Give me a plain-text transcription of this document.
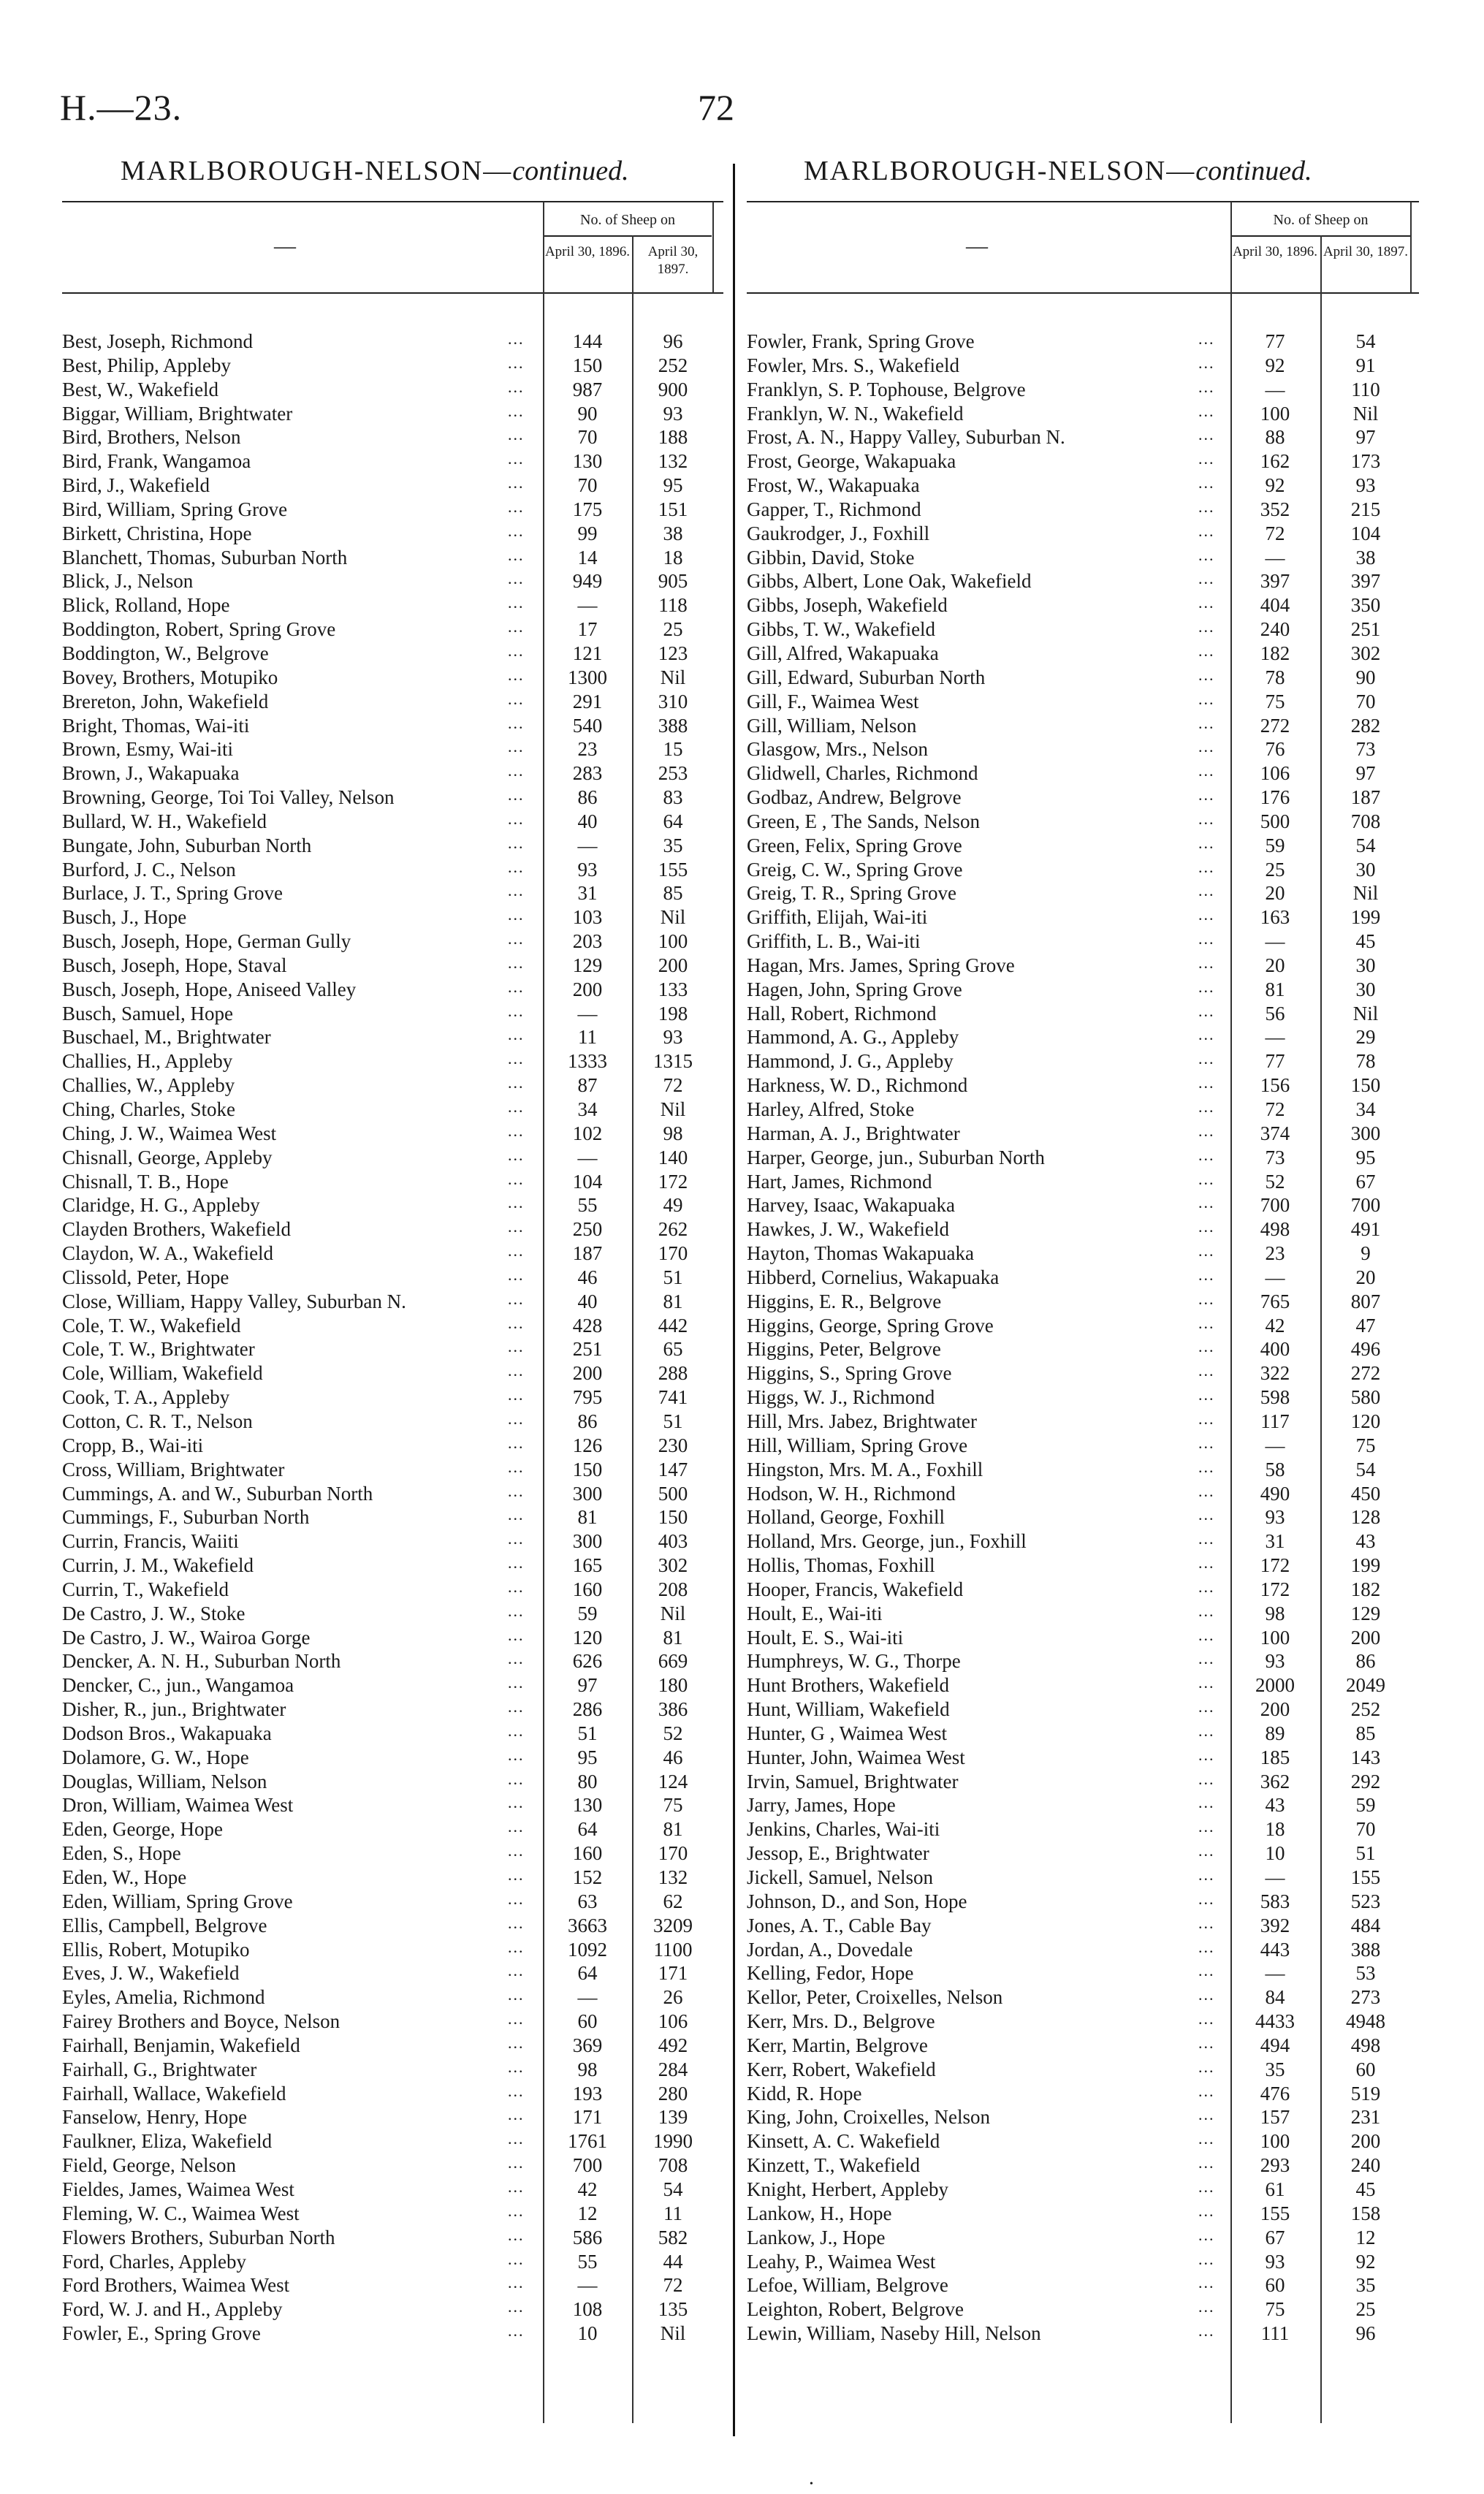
H.—23.	72
MARLBOROUGH-NELSON—continued.
—
No. of Sheep on
April 30, 1896.	April 30, 1897.
Best, Joseph, Richmond	...	144	96
Best, Philip, Appleby	...	150	252
Best, W., Wakefield	...	987	900
Biggar, William, Brightwater	...	90	93
Bird, Brothers, Nelson	...	70	188
Bird, Frank, Wangamoa	...	130	132
Bird, J., Wakefield	...	70	95
Bird, William, Spring Grove	...	175	151
Birkett, Christina, Hope	...	99	38
Blanchett, Thomas, Suburban North	...	14	18
Blick, J., Nelson	...	949	905
Blick, Rolland, Hope	...	—	118
Boddington, Robert, Spring Grove	...	17	25
Boddington, W., Belgrove	...	121	123
Bovey, Brothers, Motupiko	...	1300	Nil
Brereton, John, Wakefield	...	291	310
Bright, Thomas, Wai-iti	...	540	388
Brown, Esmy, Wai-iti	...	23	15
Brown, J., Wakapuaka	...	283	253
Browning, George, Toi Toi Valley, Nelson	...	86	83
Bullard, W. H., Wakefield	...	40	64
Bungate, John, Suburban North	...	—	35
Burford, J. C., Nelson	...	93	155
Burlace, J. T., Spring Grove	...	31	85
Busch, J., Hope	...	103	Nil
Busch, Joseph, Hope, German Gully	...	203	100
Busch, Joseph, Hope, Staval	...	129	200
Busch, Joseph, Hope, Aniseed Valley	...	200	133
Busch, Samuel, Hope	...	—	198
Buschael, M., Brightwater	...	11	93
Challies, H., Appleby	...	1333	1315
Challies, W., Appleby	...	87	72
Ching, Charles, Stoke	...	34	Nil
Ching, J. W., Waimea West	...	102	98
Chisnall, George, Appleby	...	—	140
Chisnall, T. B., Hope	...	104	172
Claridge, H. G., Appleby	...	55	49
Clayden Brothers, Wakefield	...	250	262
Claydon, W. A., Wakefield	...	187	170
Clissold, Peter, Hope	...	46	51
Close, William, Happy Valley, Suburban N.	...	40	81
Cole, T. W., Wakefield	...	428	442
Cole, T. W., Brightwater	...	251	65
Cole, William, Wakefield	...	200	288
Cook, T. A., Appleby	...	795	741
Cotton, C. R. T., Nelson	...	86	51
Cropp, B., Wai-iti	...	126	230
Cross, William, Brightwater	...	150	147
Cummings, A. and W., Suburban North	...	300	500
Cummings, F., Suburban North	...	81	150
Currin, Francis, Waiiti	...	300	403
Currin, J. M., Wakefield	...	165	302
Currin, T., Wakefield	...	160	208
De Castro, J. W., Stoke	...	59	Nil
De Castro, J. W., Wairoa Gorge	...	120	81
Dencker, A. N. H., Suburban North	...	626	669
Dencker, C., jun., Wangamoa	...	97	180
Disher, R., jun., Brightwater	...	286	386
Dodson Bros., Wakapuaka	...	51	52
Dolamore, G. W., Hope	...	95	46
Douglas, William, Nelson	...	80	124
Dron, William, Waimea West	...	130	75
Eden, George, Hope	...	64	81
Eden, S., Hope	...	160	170
Eden, W., Hope	...	152	132
Eden, William, Spring Grove	...	63	62
Ellis, Campbell, Belgrove	...	3663	3209
Ellis, Robert, Motupiko	...	1092	1100
Eves, J. W., Wakefield	...	64	171
Eyles, Amelia, Richmond	...	—	26
Fairey Brothers and Boyce, Nelson	...	60	106
Fairhall, Benjamin, Wakefield	...	369	492
Fairhall, G., Brightwater	...	98	284
Fairhall, Wallace, Wakefield	...	193	280
Fanselow, Henry, Hope	...	171	139
Faulkner, Eliza, Wakefield	...	1761	1990
Field, George, Nelson	...	700	708
Fieldes, James, Waimea West	...	42	54
Fleming, W. C., Waimea West	...	12	11
Flowers Brothers, Suburban North	...	586	582
Ford, Charles, Appleby	...	55	44
Ford Brothers, Waimea West	...	—	72
Ford, W. J. and H., Appleby	...	108	135
Fowler, E., Spring Grove	...	10	Nil
MARLBOROUGH-NELSON—continued.
—
No. of Sheep on
April 30, 1896. April 30, 1897.
Fowler, Frank, Spring Grove	...	77	54
Fowler, Mrs. S., Wakefield	...	92	91
Franklyn, S. P. Tophouse, Belgrove	...	—	110
Franklyn, W. N., Wakefield	...	100	Nil
Frost, A. N., Happy Valley, Suburban N.	...	88	97
Frost, George, Wakapuaka	...	162	173
Frost, W., Wakapuaka	...	92	93
Gapper, T., Richmond	...	352	215
Gaukrodger, J., Foxhill	...	72	104
Gibbin, David, Stoke	...	—	38
Gibbs, Albert, Lone Oak, Wakefield	...	397	397
Gibbs, Joseph, Wakefield	...	404	350
Gibbs, T. W., Wakefield	...	240	251
Gill, Alfred, Wakapuaka	...	182	302
Gill, Edward, Suburban North	...	78	90
Gill, F., Waimea West	...	75	70
Gill, William, Nelson	...	272	282
Glasgow, Mrs., Nelson	...	76	73
Glidwell, Charles, Richmond	...	106	97
Godbaz, Andrew, Belgrove	...	176	187
Green, E , The Sands, Nelson	...	500	708
Green, Felix, Spring Grove	...	59	54
Greig, C. W., Spring Grove	...	25	30
Greig, T. R., Spring Grove	...	20	Nil
Griffith, Elijah, Wai-iti	...	163	199
Griffith, L. B., Wai-iti	...	—	45
Hagan, Mrs. James, Spring Grove	...	20	30
Hagen, John, Spring Grove	...	81	30
Hall, Robert, Richmond	...	56	Nil
Hammond, A. G., Appleby	...	—	29
Hammond, J. G., Appleby	...	77	78
Harkness, W. D., Richmond	...	156	150
Harley, Alfred, Stoke	...	72	34
Harman, A. J., Brightwater	...	374	300
Harper, George, jun., Suburban North	...	73	95
Hart, James, Richmond	...	52	67
Harvey, Isaac, Wakapuaka	...	700	700
Hawkes, J. W., Wakefield	...	498	491
Hayton, Thomas Wakapuaka	...	23	9
Hibberd, Cornelius, Wakapuaka	...	—	20
Higgins, E. R., Belgrove	...	765	807
Higgins, George, Spring Grove	...	42	47
Higgins, Peter, Belgrove	...	400	496
Higgins, S., Spring Grove	...	322	272
Higgs, W. J., Richmond	...	598	580
Hill, Mrs. Jabez, Brightwater	...	117	120
Hill, William, Spring Grove	...	—	75
Hingston, Mrs. M. A., Foxhill	...	58	54
Hodson, W. H., Richmond	...	490	450
Holland, George, Foxhill	...	93	128
Holland, Mrs. George, jun., Foxhill	...	31	43
Hollis, Thomas, Foxhill	...	172	199
Hooper, Francis, Wakefield	...	172	182
Hoult, E., Wai-iti	...	98	129
Hoult, E. S., Wai-iti	...	100	200
Humphreys, W. G., Thorpe	...	93	86
Hunt Brothers, Wakefield	...	2000	2049
Hunt, William, Wakefield	...	200	252
Hunter, G , Waimea West	...	89	85
Hunter, John, Waimea West	...	185	143
Irvin, Samuel, Brightwater	...	362	292
Jarry, James, Hope	...	43	59
Jenkins, Charles, Wai-iti	...	18	70
Jessop, E., Brightwater	...	10	51
Jickell, Samuel, Nelson	...	—	155
Johnson, D., and Son, Hope	...	583	523
Jones, A. T., Cable Bay	...	392	484
Jordan, A., Dovedale	...	443	388
Kelling, Fedor, Hope	...	—	53
Kellor, Peter, Croixelles, Nelson	...	84	273
Kerr, Mrs. D., Belgrove	...	4433	4948
Kerr, Martin, Belgrove	...	494	498
Kerr, Robert, Wakefield	...	35	60
Kidd, R. Hope	...	476	519
King, John, Croixelles, Nelson	...	157	231
Kinsett, A. C. Wakefield	...	100	200
Kinzett, T., Wakefield	...	293	240
Knight, Herbert, Appleby	...	61	45
Lankow, H., Hope	...	155	158
Lankow, J., Hope	...	67	12
Leahy, P., Waimea West	...	93	92
Lefoe, William, Belgrove	...	60	35
Leighton, Robert, Belgrove	...	75	25
Lewin, William, Naseby Hill, Nelson	...	111	96
•
